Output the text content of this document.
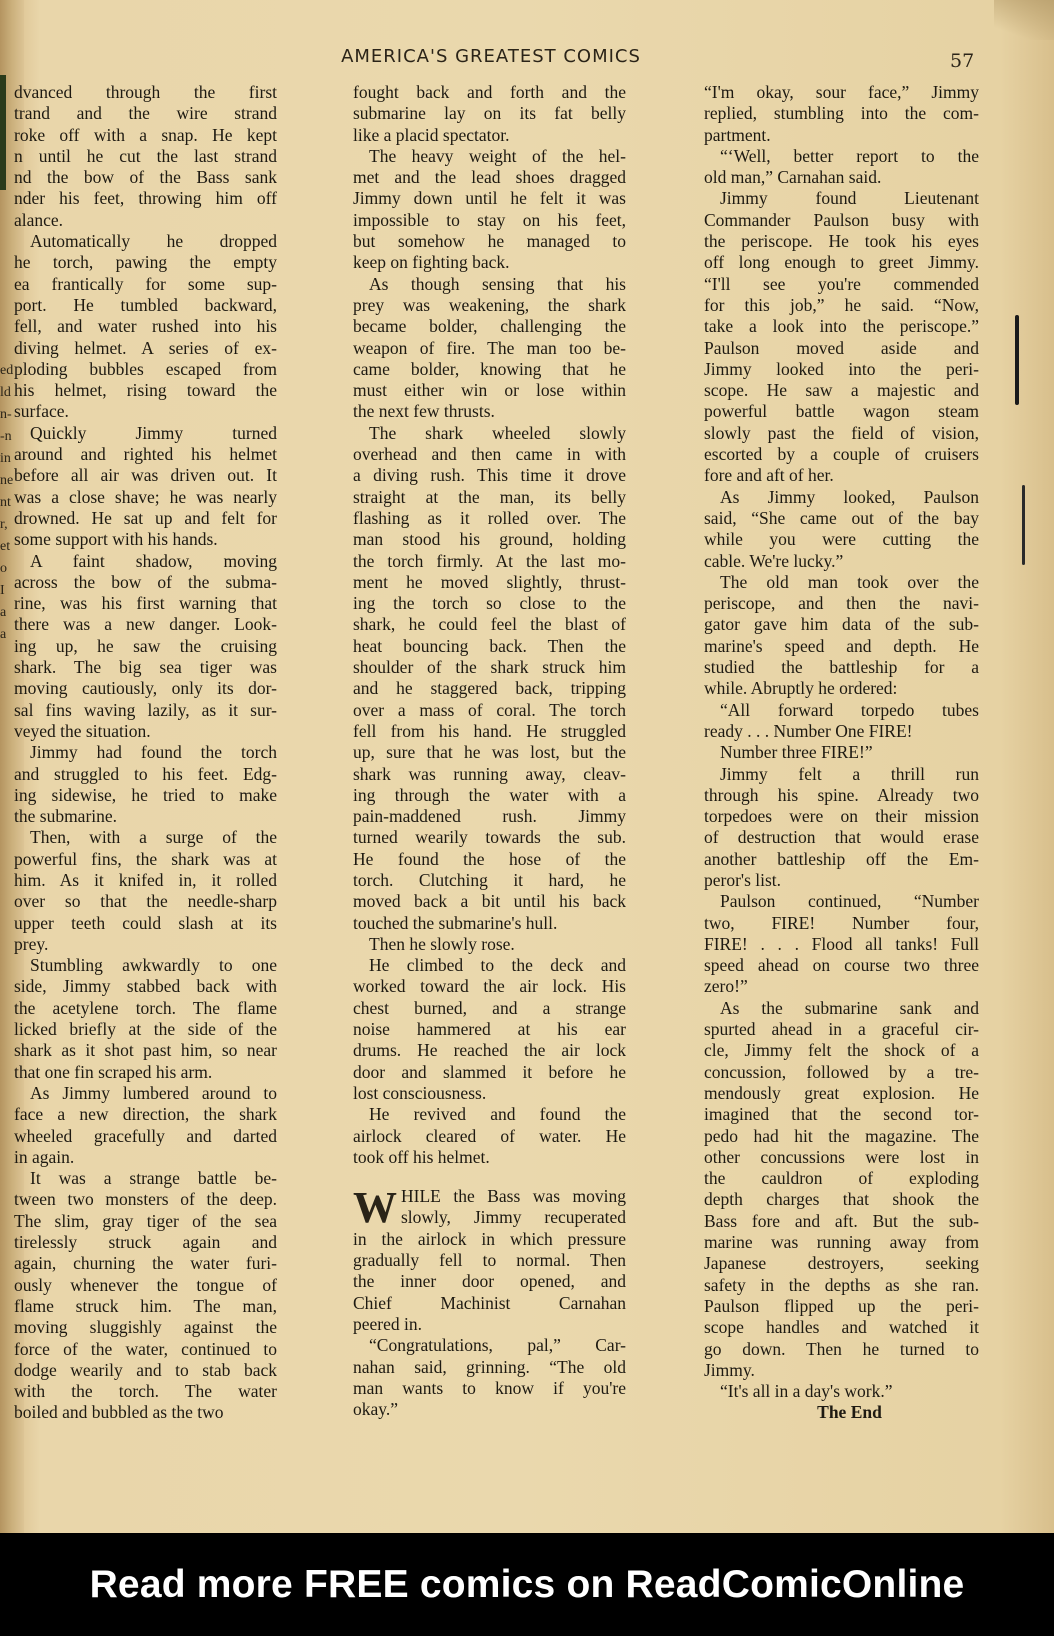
AMERICA'S GREATEST COMICS	57
ed
ld
n-
-n
in
ne
nt
r,
et
o
I
a
a
dvanced through the first
trand and the wire strand
roke off with a snap. He kept
n until he cut the last strand
nd the bow of the Bass sank
nder his feet, throwing him off
alance.
Automatically he dropped
he torch, pawing the empty
ea frantically for some sup-
port. He tumbled backward,
fell, and water rushed into his
diving helmet. A series of ex-
ploding bubbles escaped from
his helmet, rising toward the
surface.
Quickly Jimmy turned
around and righted his helmet
before all air was driven out. It
was a close shave; he was nearly
drowned. He sat up and felt for
some support with his hands.
A faint shadow, moving
across the bow of the subma-
rine, was his first warning that
there was a new danger. Look-
ing up, he saw the cruising
shark. The big sea tiger was
moving cautiously, only its dor-
sal fins waving lazily, as it sur-
veyed the situation.
Jimmy had found the torch
and struggled to his feet. Edg-
ing sidewise, he tried to make
the submarine.
Then, with a surge of the
powerful fins, the shark was at
him. As it knifed in, it rolled
over so that the needle-sharp
upper teeth could slash at its
prey.
Stumbling awkwardly to one
side, Jimmy stabbed back with
the acetylene torch. The flame
licked briefly at the side of the
shark as it shot past him, so near
that one fin scraped his arm.
As Jimmy lumbered around to
face a new direction, the shark
wheeled gracefully and darted
in again.
It was a strange battle be-
tween two monsters of the deep.
The slim, gray tiger of the sea
tirelessly struck again and
again, churning the water furi-
ously whenever the tongue of
flame struck him. The man,
moving sluggishly against the
force of the water, continued to
dodge wearily and to stab back
with the torch. The water
boiled and bubbled as the two
fought back and forth and the
submarine lay on its fat belly
like a placid spectator.
The heavy weight of the hel-
met and the lead shoes dragged
Jimmy down until he felt it was
impossible to stay on his feet,
but somehow he managed to
keep on fighting back.
As though sensing that his
prey was weakening, the shark
became bolder, challenging the
weapon of fire. The man too be-
came bolder, knowing that he
must either win or lose within
the next few thrusts.
The shark wheeled slowly
overhead and then came in with
a diving rush. This time it drove
straight at the man, its belly
flashing as it rolled over. The
man stood his ground, holding
the torch firmly. At the last mo-
ment he moved slightly, thrust-
ing the torch so close to the
shark, he could feel the blast of
heat bouncing back. Then the
shoulder of the shark struck him
and he staggered back, tripping
over a mass of coral. The torch
fell from his hand. He struggled
up, sure that he was lost, but the
shark was running away, cleav-
ing through the water with a
pain-maddened rush. Jimmy
turned wearily towards the sub.
He found the hose of the
torch. Clutching it hard, he
moved back a bit until his back
touched the submarine's hull.
Then he slowly rose.
He climbed to the deck and
worked toward the air lock. His
chest burned, and a strange
noise hammered at his ear
drums. He reached the air lock
door and slammed it before he
lost consciousness.
He revived and found the
airlock cleared of water. He
took off his helmet.
W HILE the Bass was moving
slowly, Jimmy recuperated
in the airlock in which pressure
gradually fell to normal. Then
the inner door opened, and
Chief Machinist Carnahan
peered in.
“Congratulations, pal,” Car-
nahan said, grinning. “The old
man wants to know if you're
okay.”
“I'm okay, sour face,” Jimmy
replied, stumbling into the com-
partment.
“‘Well, better report to the
old man,” Carnahan said.
Jimmy found Lieutenant
Commander Paulson busy with
the periscope. He took his eyes
off long enough to greet Jimmy.
“I'll see you're commended
for this job,” he said. “Now,
take a look into the periscope.”
Paulson moved aside and
Jimmy looked into the peri-
scope. He saw a majestic and
powerful battle wagon steam
slowly past the field of vision,
escorted by a couple of cruisers
fore and aft of her.
As Jimmy looked, Paulson
said, “She came out of the bay
while you were cutting the
cable. We're lucky.”
The old man took over the
periscope, and then the navi-
gator gave him data of the sub-
marine's speed and depth. He
studied the battleship for a
while. Abruptly he ordered:
“All forward torpedo tubes
ready . . . Number One FIRE!
Number three FIRE!”
Jimmy felt a thrill run
through his spine. Already two
torpedoes were on their mission
of destruction that would erase
another battleship off the Em-
peror's list.
Paulson continued, “Number
two, FIRE! Number four,
FIRE! . . . Flood all tanks! Full
speed ahead on course two three
zero!”
As the submarine sank and
spurted ahead in a graceful cir-
cle, Jimmy felt the shock of a
concussion, followed by a tre-
mendously great explosion. He
imagined that the second tor-
pedo had hit the magazine. The
other concussions were lost in
the cauldron of exploding
depth charges that shook the
Bass fore and aft. But the sub-
marine was running away from
Japanese destroyers, seeking
safety in the depths as she ran.
Paulson flipped up the peri-
scope handles and watched it
go down. Then he turned to
Jimmy.
“It's all in a day's work.”
The End
Read more FREE comics on ReadComicOnline
